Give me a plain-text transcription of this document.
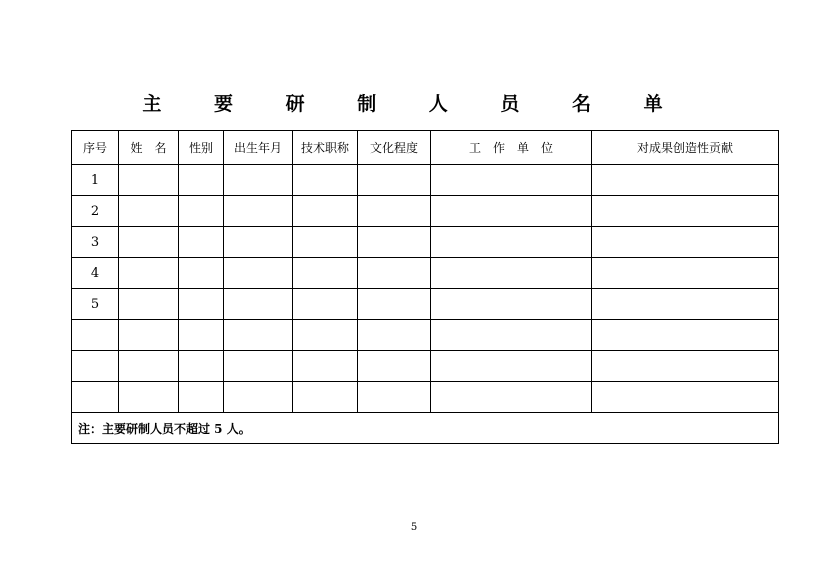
主 要 研 制 人 员 名 单
序号	姓　名	性别	出生年月	技术职称	文化程度	工　作　单　位	对成果创造性贡献
1							
2							
3							
4							
5							

注：主要研制人员不超过 5 人。							
5
